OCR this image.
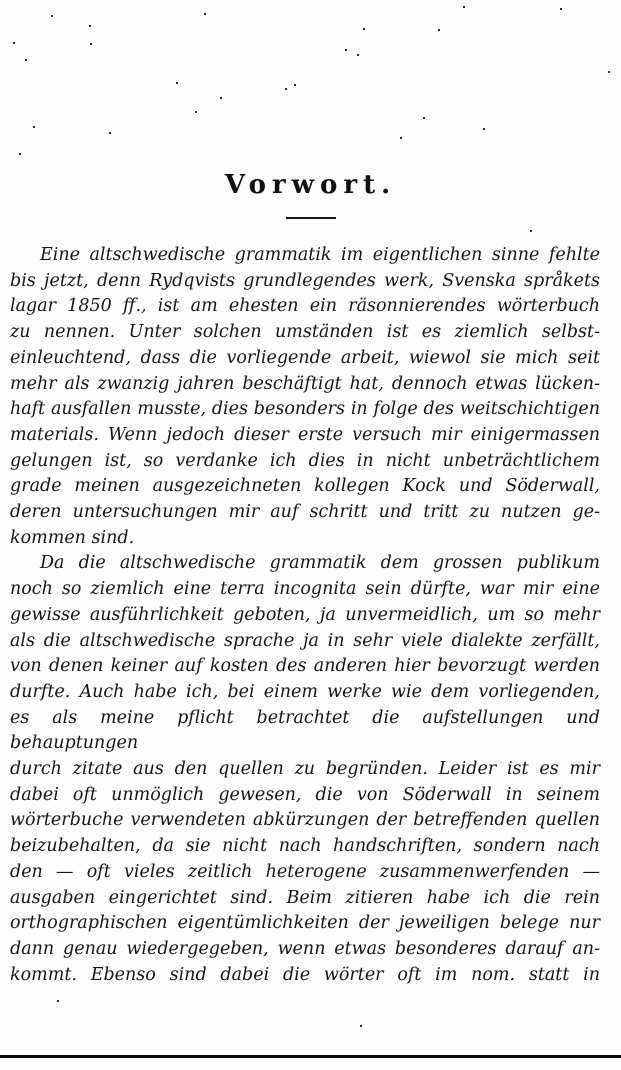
Vorwort.
Eine altschwedische grammatik im eigentlichen sinne fehlte
bis jetzt, denn Rydqvists grundlegendes werk, Svenska språkets
lagar 1850 ff., ist am ehesten ein räsonnierendes wörterbuch
zu nennen. Unter solchen umständen ist es ziemlich selbst-
einleuchtend, dass die vorliegende arbeit, wiewol sie mich seit
mehr als zwanzig jahren beschäftigt hat, dennoch etwas lücken-
haft ausfallen musste, dies besonders in folge des weitschichtigen
materials. Wenn jedoch dieser erste versuch mir einigermassen
gelungen ist, so verdanke ich dies in nicht unbeträchtlichem
grade meinen ausgezeichneten kollegen Kock und Söderwall,
deren untersuchungen mir auf schritt und tritt zu nutzen ge-
kommen sind.
Da die altschwedische grammatik dem grossen publikum
noch so ziemlich eine terra incognita sein dürfte, war mir eine
gewisse ausführlichkeit geboten, ja unvermeidlich, um so mehr
als die altschwedische sprache ja in sehr viele dialekte zerfällt,
von denen keiner auf kosten des anderen hier bevorzugt werden
durfte. Auch habe ich, bei einem werke wie dem vorliegenden,
es als meine pflicht betrachtet die aufstellungen und behauptungen
durch zitate aus den quellen zu begründen. Leider ist es mir
dabei oft unmöglich gewesen, die von Söderwall in seinem
wörterbuche verwendeten abkürzungen der betreffenden quellen
beizubehalten, da sie nicht nach handschriften, sondern nach
den — oft vieles zeitlich heterogene zusammenwerfenden —
ausgaben eingerichtet sind. Beim zitieren habe ich die rein
orthographischen eigentümlichkeiten der jeweiligen belege nur
dann genau wiedergegeben, wenn etwas besonderes darauf an-
kommt. Ebenso sind dabei die wörter oft im nom. statt in
